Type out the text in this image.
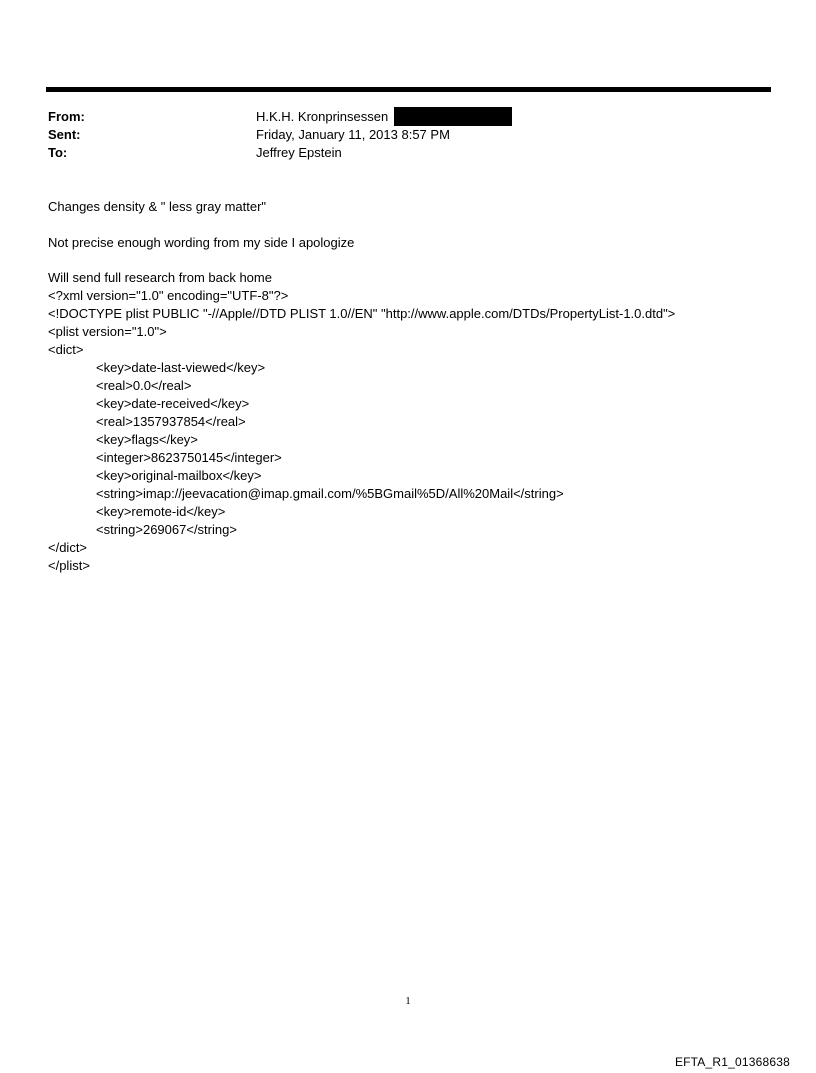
From:	H.K.H. Kronprinsessen
Sent:	Friday, January 11, 2013 8:57 PM
To:	Jeffrey Epstein
Changes density & " less gray matter"
Not precise enough wording from my side I apologize
Will send full research from back home
<?xml version="1.0" encoding="UTF-8"?>
<!DOCTYPE plist PUBLIC "-//Apple//DTD PLIST 1.0//EN" "http://www.apple.com/DTDs/PropertyList-1.0.dtd">
<plist version="1.0">
<dict>
<key>date-last-viewed</key>
<real>0.0</real>
<key>date-received</key>
<real>1357937854</real>
<key>flags</key>
<integer>8623750145</integer>
<key>original-mailbox</key>
<string>imap://jeevacation@imap.gmail.com/%5BGmail%5D/All%20Mail</string>
<key>remote-id</key>
<string>269067</string>
</dict>
</plist>
1
EFTA_R1_01368638
